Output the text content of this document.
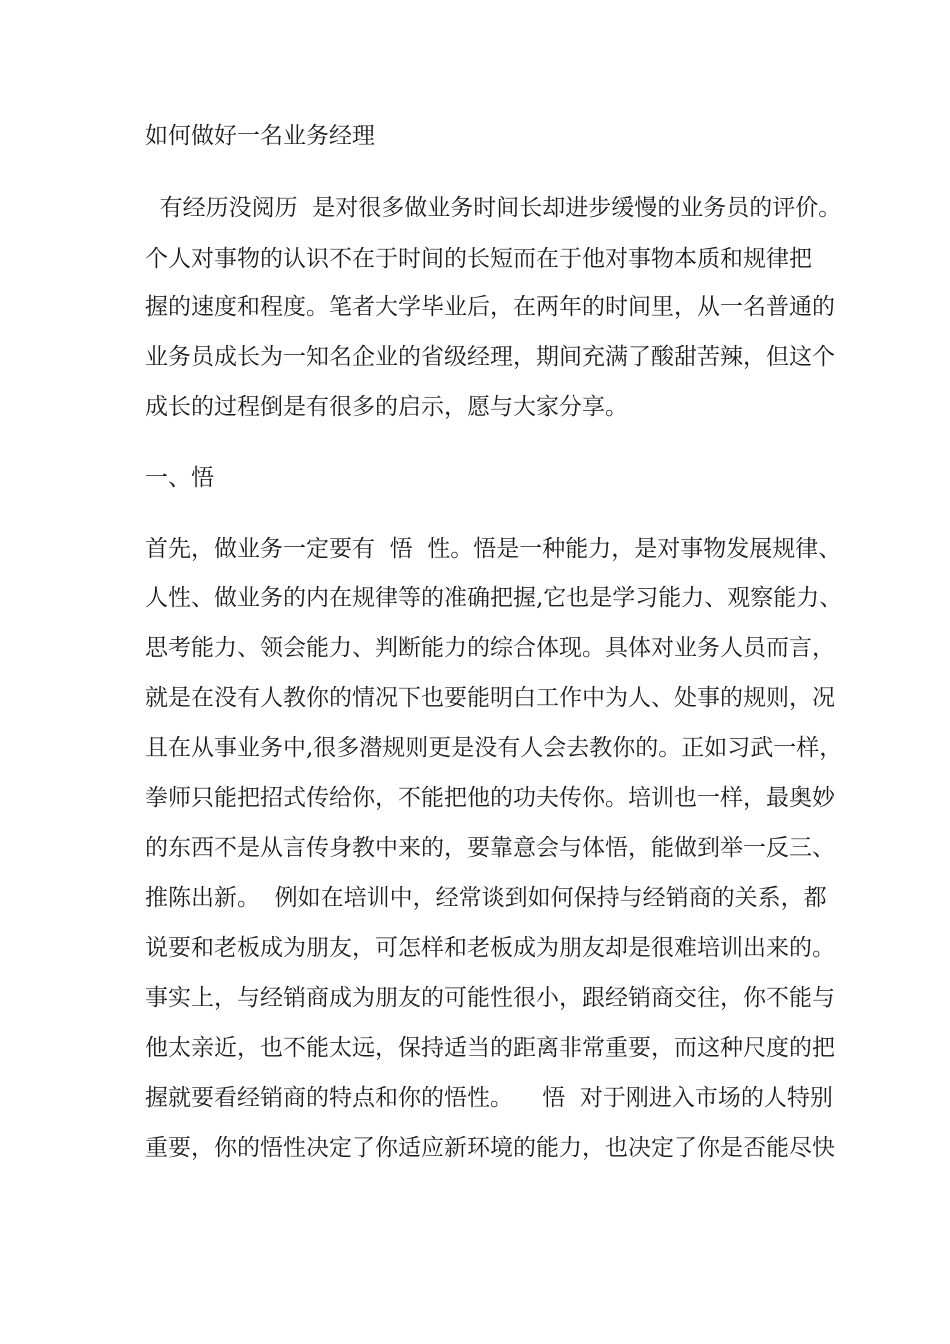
如何做好一名业务经理
有经历没阅历  是对很多做业务时间长却进步缓慢的业务员的评价。
个人对事物的认识不在于时间的长短而在于他对事物本质和规律把
握的速度和程度。笔者大学毕业后，在两年的时间里，从一名普通的
业务员成长为一知名企业的省级经理，期间充满了酸甜苦辣，但这个
成长的过程倒是有很多的启示，愿与大家分享。
一、悟
首先，做业务一定要有  悟  性。悟是一种能力，是对事物发展规律、
人性、做业务的内在规律等的准确把握,它也是学习能力、观察能力、
思考能力、领会能力、判断能力的综合体现。具体对业务人员而言，
就是在没有人教你的情况下也要能明白工作中为人、处事的规则，况
且在从事业务中,很多潜规则更是没有人会去教你的。正如习武一样，
拳师只能把招式传给你，不能把他的功夫传你。培训也一样，最奥妙
的东西不是从言传身教中来的，要靠意会与体悟，能做到举一反三、
推陈出新。  例如在培训中，经常谈到如何保持与经销商的关系，都
说要和老板成为朋友，可怎样和老板成为朋友却是很难培训出来的。
事实上，与经销商成为朋友的可能性很小，跟经销商交往，你不能与
他太亲近，也不能太远，保持适当的距离非常重要，而这种尺度的把
握就要看经销商的特点和你的悟性。    悟  对于刚进入市场的人特别
重要，你的悟性决定了你适应新环境的能力，也决定了你是否能尽快
